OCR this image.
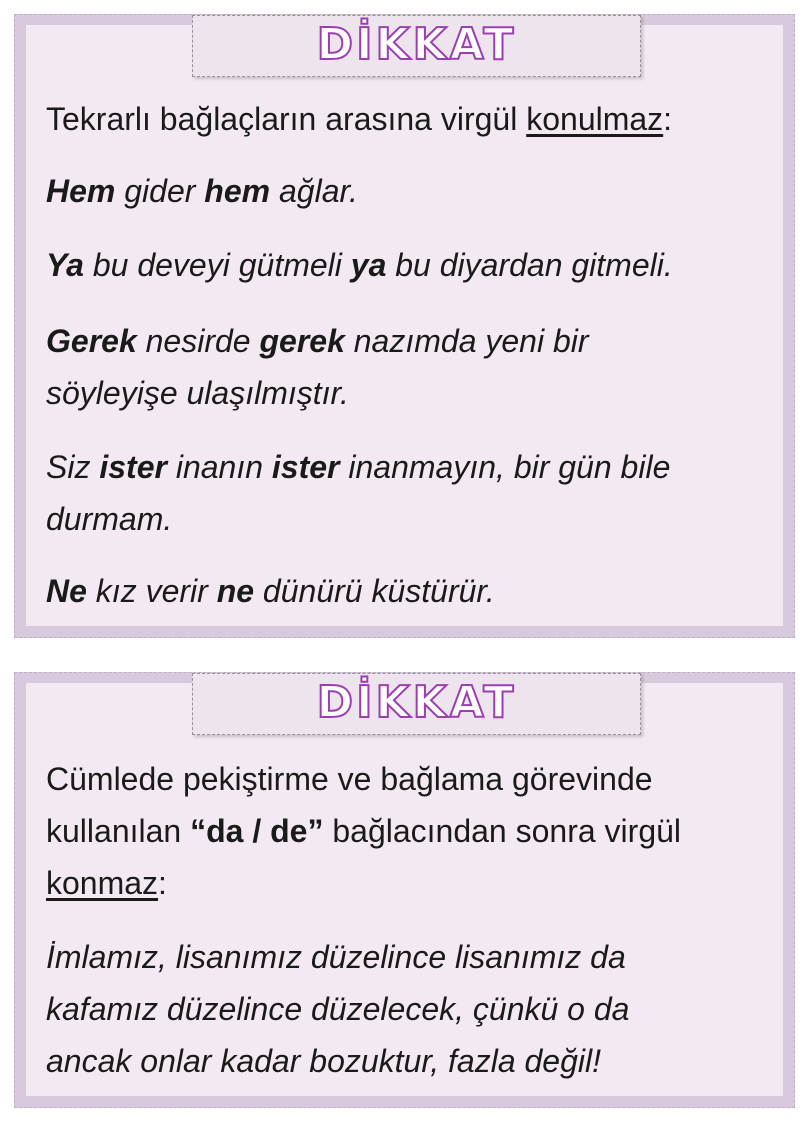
DİKKAT

Tekrarlı bağlaçların arasına virgül konulmaz:

Hem gider hem ağlar.

Ya bu deveyi gütmeli ya bu diyardan gitmeli.

Gerek nesirde gerek nazımda yeni bir söyleyişe ulaşılmıştır.

Siz ister inanın ister inanmayın, bir gün bile durmam.

Ne kız verir ne dünürü küstürür.

DİKKAT

Cümlede pekiştirme ve bağlama görevinde kullanılan “da / de” bağlacından sonra virgül konmaz:

İmlamız, lisanımız düzelince lisanımız da kafamız düzelince düzelecek, çünkü o da ancak onlar kadar bozuktur, fazla değil!
